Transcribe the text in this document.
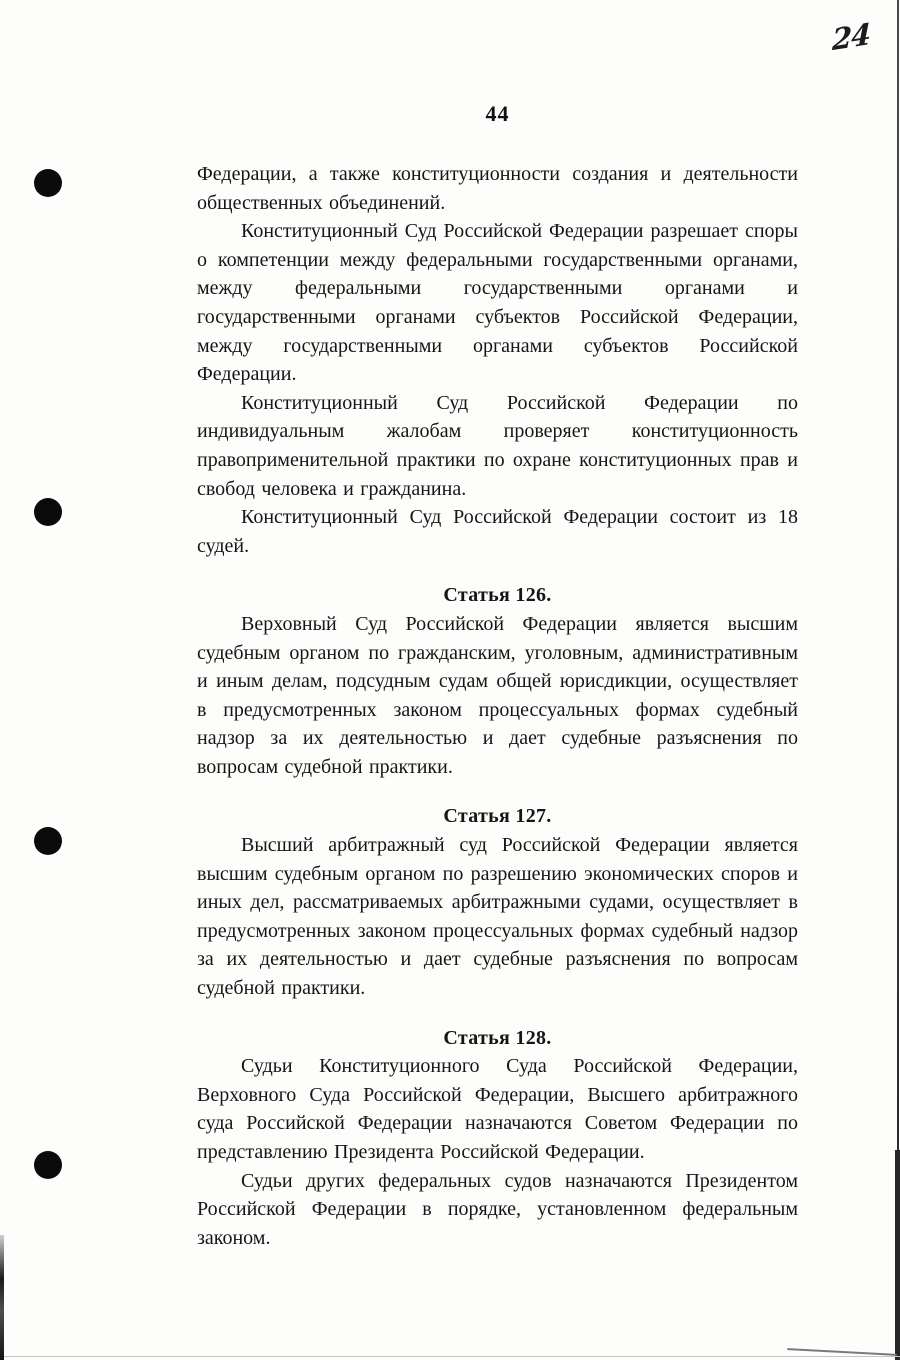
24
44

Федерации, а также конституционности создания и деятельности общественных объединений.

Конституционный Суд Российской Федерации разрешает споры о компетенции между федеральными государственными органами, между федеральными государственными органами и государственными органами субъектов Российской Федерации, между государственными органами субъектов Российской Федерации.

Конституционный Суд Российской Федерации по индивидуальным жалобам проверяет конституционность правоприменительной практики по охране конституционных прав и свобод человека и гражданина.

Конституционный Суд Российской Федерации состоит из 18 судей.

Статья 126.

Верховный Суд Российской Федерации является высшим судебным органом по гражданским, уголовным, административным и иным делам, подсудным судам общей юрисдикции, осуществляет в предусмотренных законом процессуальных формах судебный надзор за их деятельностью и дает судебные разъяснения по вопросам судебной практики.

Статья 127.

Высший арбитражный суд Российской Федерации является высшим судебным органом по разрешению экономических споров и иных дел, рассматриваемых арбитражными судами, осуществляет в предусмотренных законом процессуальных формах судебный надзор за их деятельностью и дает судебные разъяснения по вопросам судебной практики.

Статья 128.

Судьи Конституционного Суда Российской Федерации, Верховного Суда Российской Федерации, Высшего арбитражного суда Российской Федерации назначаются Советом Федерации по представлению Президента Российской Федерации.

Судьи других федеральных судов назначаются Президентом Российской Федерации в порядке, установленном федеральным законом.
